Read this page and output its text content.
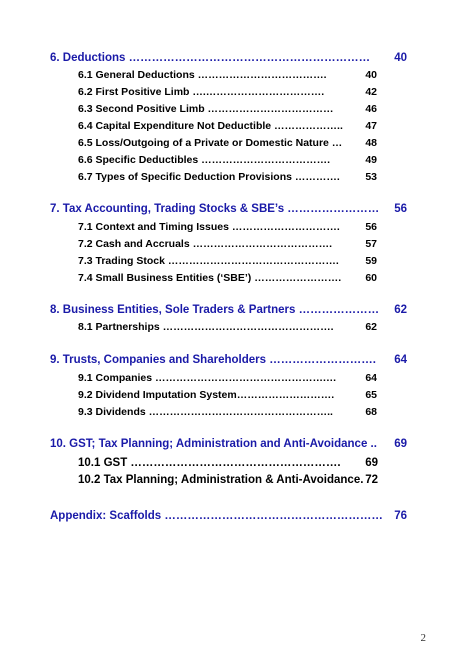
6. Deductions ………………………………………………………	40
6.1 General Deductions ……………………………….	40
6.2 First Positive Limb ….…………………………….	42
6.3 Second Positive Limb ………………………………	46
6.4 Capital Expenditure Not Deductible ………………..	47
6.5 Loss/Outgoing of a Private or Domestic Nature …	48
6.6 Specific Deductibles ……………………………….	49
6.7 Types of Specific Deduction Provisions ………….	53
7. Tax Accounting, Trading Stocks & SBE’s ……………………	56
7.1 Context and Timing Issues ………………………….	56
7.2 Cash and Accruals ………………………………….	57
7.3 Trading Stock ………………………………………….	59
7.4 Small Business Entities (‘SBE’) …………………….	60
8. Business Entities, Sole Traders & Partners …………………	62
8.1 Partnerships ………………………………………….	62
9. Trusts, Companies and Shareholders ……………………….	64
9.1 Companies ………………………………………….…	64
9.2 Dividend Imputation System……………………….	65
9.3 Dividends ……………………………………………..	68
10. GST; Tax Planning; Administration and Anti-Avoidance ..	69
10.1 GST ……………………………………………….	69
10.2 Tax Planning; Administration & Anti-Avoidance. 72
Appendix: Scaffolds ………………………………………………… 76
2
